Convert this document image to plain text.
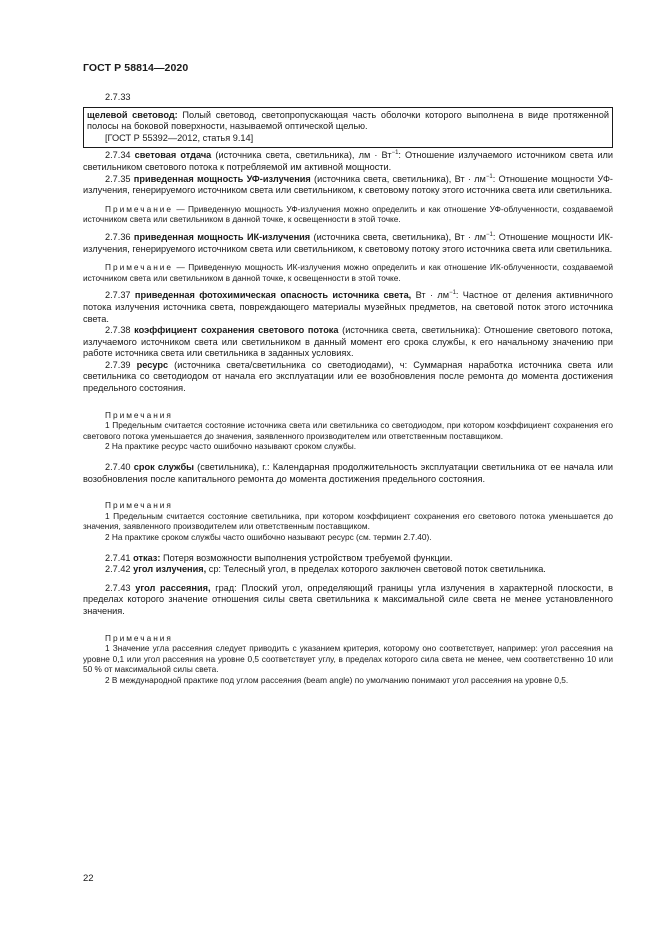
ГОСТ Р 58814—2020

2.7.33

щелевой световод: Полый световод, светопропускающая часть оболочки которого выполнена в виде протяженной полосы на боковой поверхности, называемой оптической щелью.

[ГОСТ Р 55392—2012, статья 9.14]

2.7.34 световая отдача (источника света, светильника), лм · $Вт^{-1}$: Отношение излучаемого источником света или светильником светового потока к потребляемой им активной мощности.

2.7.35 приведенная мощность УФ-излучения (источника света, светильника), Вт · $лм^{-1}$: Отношение мощности УФ-излучения, генерируемого источником света или светильником, к световому потоку этого источника света или светильника.

Примечание — Приведенную мощность УФ-излучения можно определить и как отношение УФ-облученности, создаваемой источником света или светильником в данной точке, к освещенности в этой точке.

2.7.36 приведенная мощность ИК-излучения (источника света, светильника), Вт · $лм^{-1}$: Отношение мощности ИК-излучения, генерируемого источником света или светильником, к световому потоку этого источника света или светильника.

Примечание — Приведенную мощность ИК-излучения можно определить и как отношение ИК-облученности, создаваемой источником света или светильником в данной точке, к освещенности в этой точке.

2.7.37 приведенная фотохимическая опасность источника света, Вт · $лм^{-1}$: Частное от деления активничного потока излучения источника света, повреждающего материалы музейных предметов, на световой поток этого источника света.

2.7.38 коэффициент сохранения светового потока (источника света, светильника): Отношение светового потока, излучаемого источником света или светильником в данный момент его срока службы, к его начальному значению при работе источника света или светильника в заданных условиях.

2.7.39 ресурс (источника света/светильника со светодиодами), ч: Суммарная наработка источника света или светильника со светодиодом от начала его эксплуатации или ее возобновления после ремонта до момента достижения предельного состояния.

Примечания

1 Предельным считается состояние источника света или светильника со светодиодом, при котором коэффициент сохранения его светового потока уменьшается до значения, заявленного производителем или ответственным поставщиком.

2 На практике ресурс часто ошибочно называют сроком службы.

2.7.40 срок службы (светильника), г.: Календарная продолжительность эксплуатации светильника от ее начала или возобновления после капитального ремонта до момента достижения предельного состояния.

Примечания

1 Предельным считается состояние светильника, при котором коэффициент сохранения его светового потока уменьшается до значения, заявленного производителем или ответственным поставщиком.

2 На практике сроком службы часто ошибочно называют ресурс (см. термин 2.7.40).

2.7.41 отказ: Потеря возможности выполнения устройством требуемой функции.

2.7.42 угол излучения, ср: Телесный угол, в пределах которого заключен световой поток светильника.

2.7.43 угол рассеяния, град: Плоский угол, определяющий границы угла излучения в характерной плоскости, в пределах которого значение отношения силы света светильника к максимальной силе света не менее установленного значения.

Примечания

1 Значение угла рассеяния следует приводить с указанием критерия, которому оно соответствует, например: угол рассеяния на уровне 0,1 или угол рассеяния на уровне 0,5 соответствует углу, в пределах которого сила света не менее, чем соответственно 10 или 50 % от максимальной силы света.

2 В международной практике под углом рассеяния (beam angle) по умолчанию понимают угол рассеяния на уровне 0,5.

22
